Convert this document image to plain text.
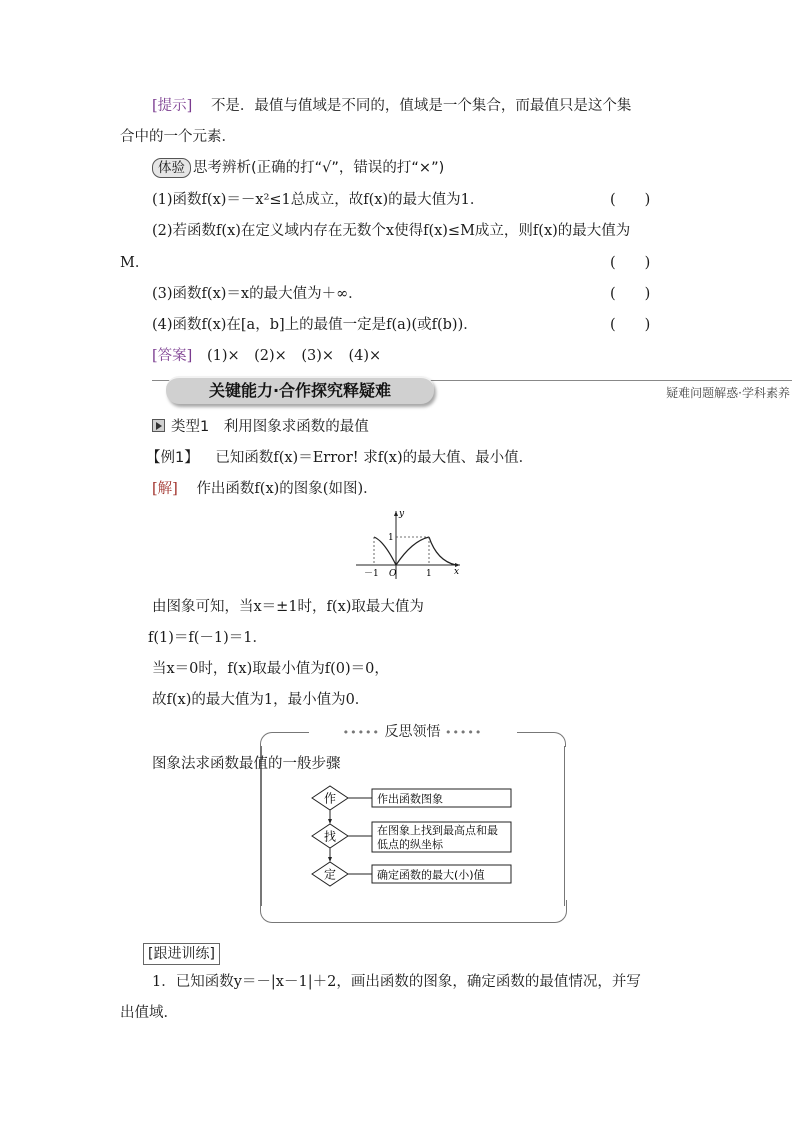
[提示] 不是．最值与值域是不同的，值域是一个集合，而最值只是这个集
合中的一个元素．
体验 思考辨析(正确的打“√”，错误的打“×”)
(1)函数f(x)＝－x²≤1总成立，故f(x)的最大值为1．	(　　)
(2)若函数f(x)在定义域内存在无数个x使得f(x)≤M成立，则f(x)的最大值为
M．	(　　)
(3)函数f(x)＝x的最大值为＋∞．	(　　)
(4)函数f(x)在[a，b]上的最值一定是f(a)(或f(b))．	(　　)
[答案] (1)×　(2)×　(3)×　(4)×
关键能力·合作探究释疑难	疑难问题解惑·学科素养
类型1　利用图象求函数的最值
【例1】 已知函数f(x)＝Error! 求f(x)的最大值、最小值．
[解] 作出函数f(x)的图象(如图)．
y
x
1
－1 O	1
由图象可知，当x＝±1时，f(x)取最大值为
f(1)＝f(－1)＝1．
当x＝0时，f(x)取最小值为f(0)＝0，
故f(x)的最大值为1，最小值为0．
••••• 反思领悟 •••••
图象法求函数最值的一般步骤
作
找
定
作出函数图象
在图象上找到最高点和最
低点的纵坐标
确定函数的最大(小)值
[跟进训练]
1．已知函数y＝－|x－1|＋2，画出函数的图象，确定函数的最值情况，并写
出值域．
